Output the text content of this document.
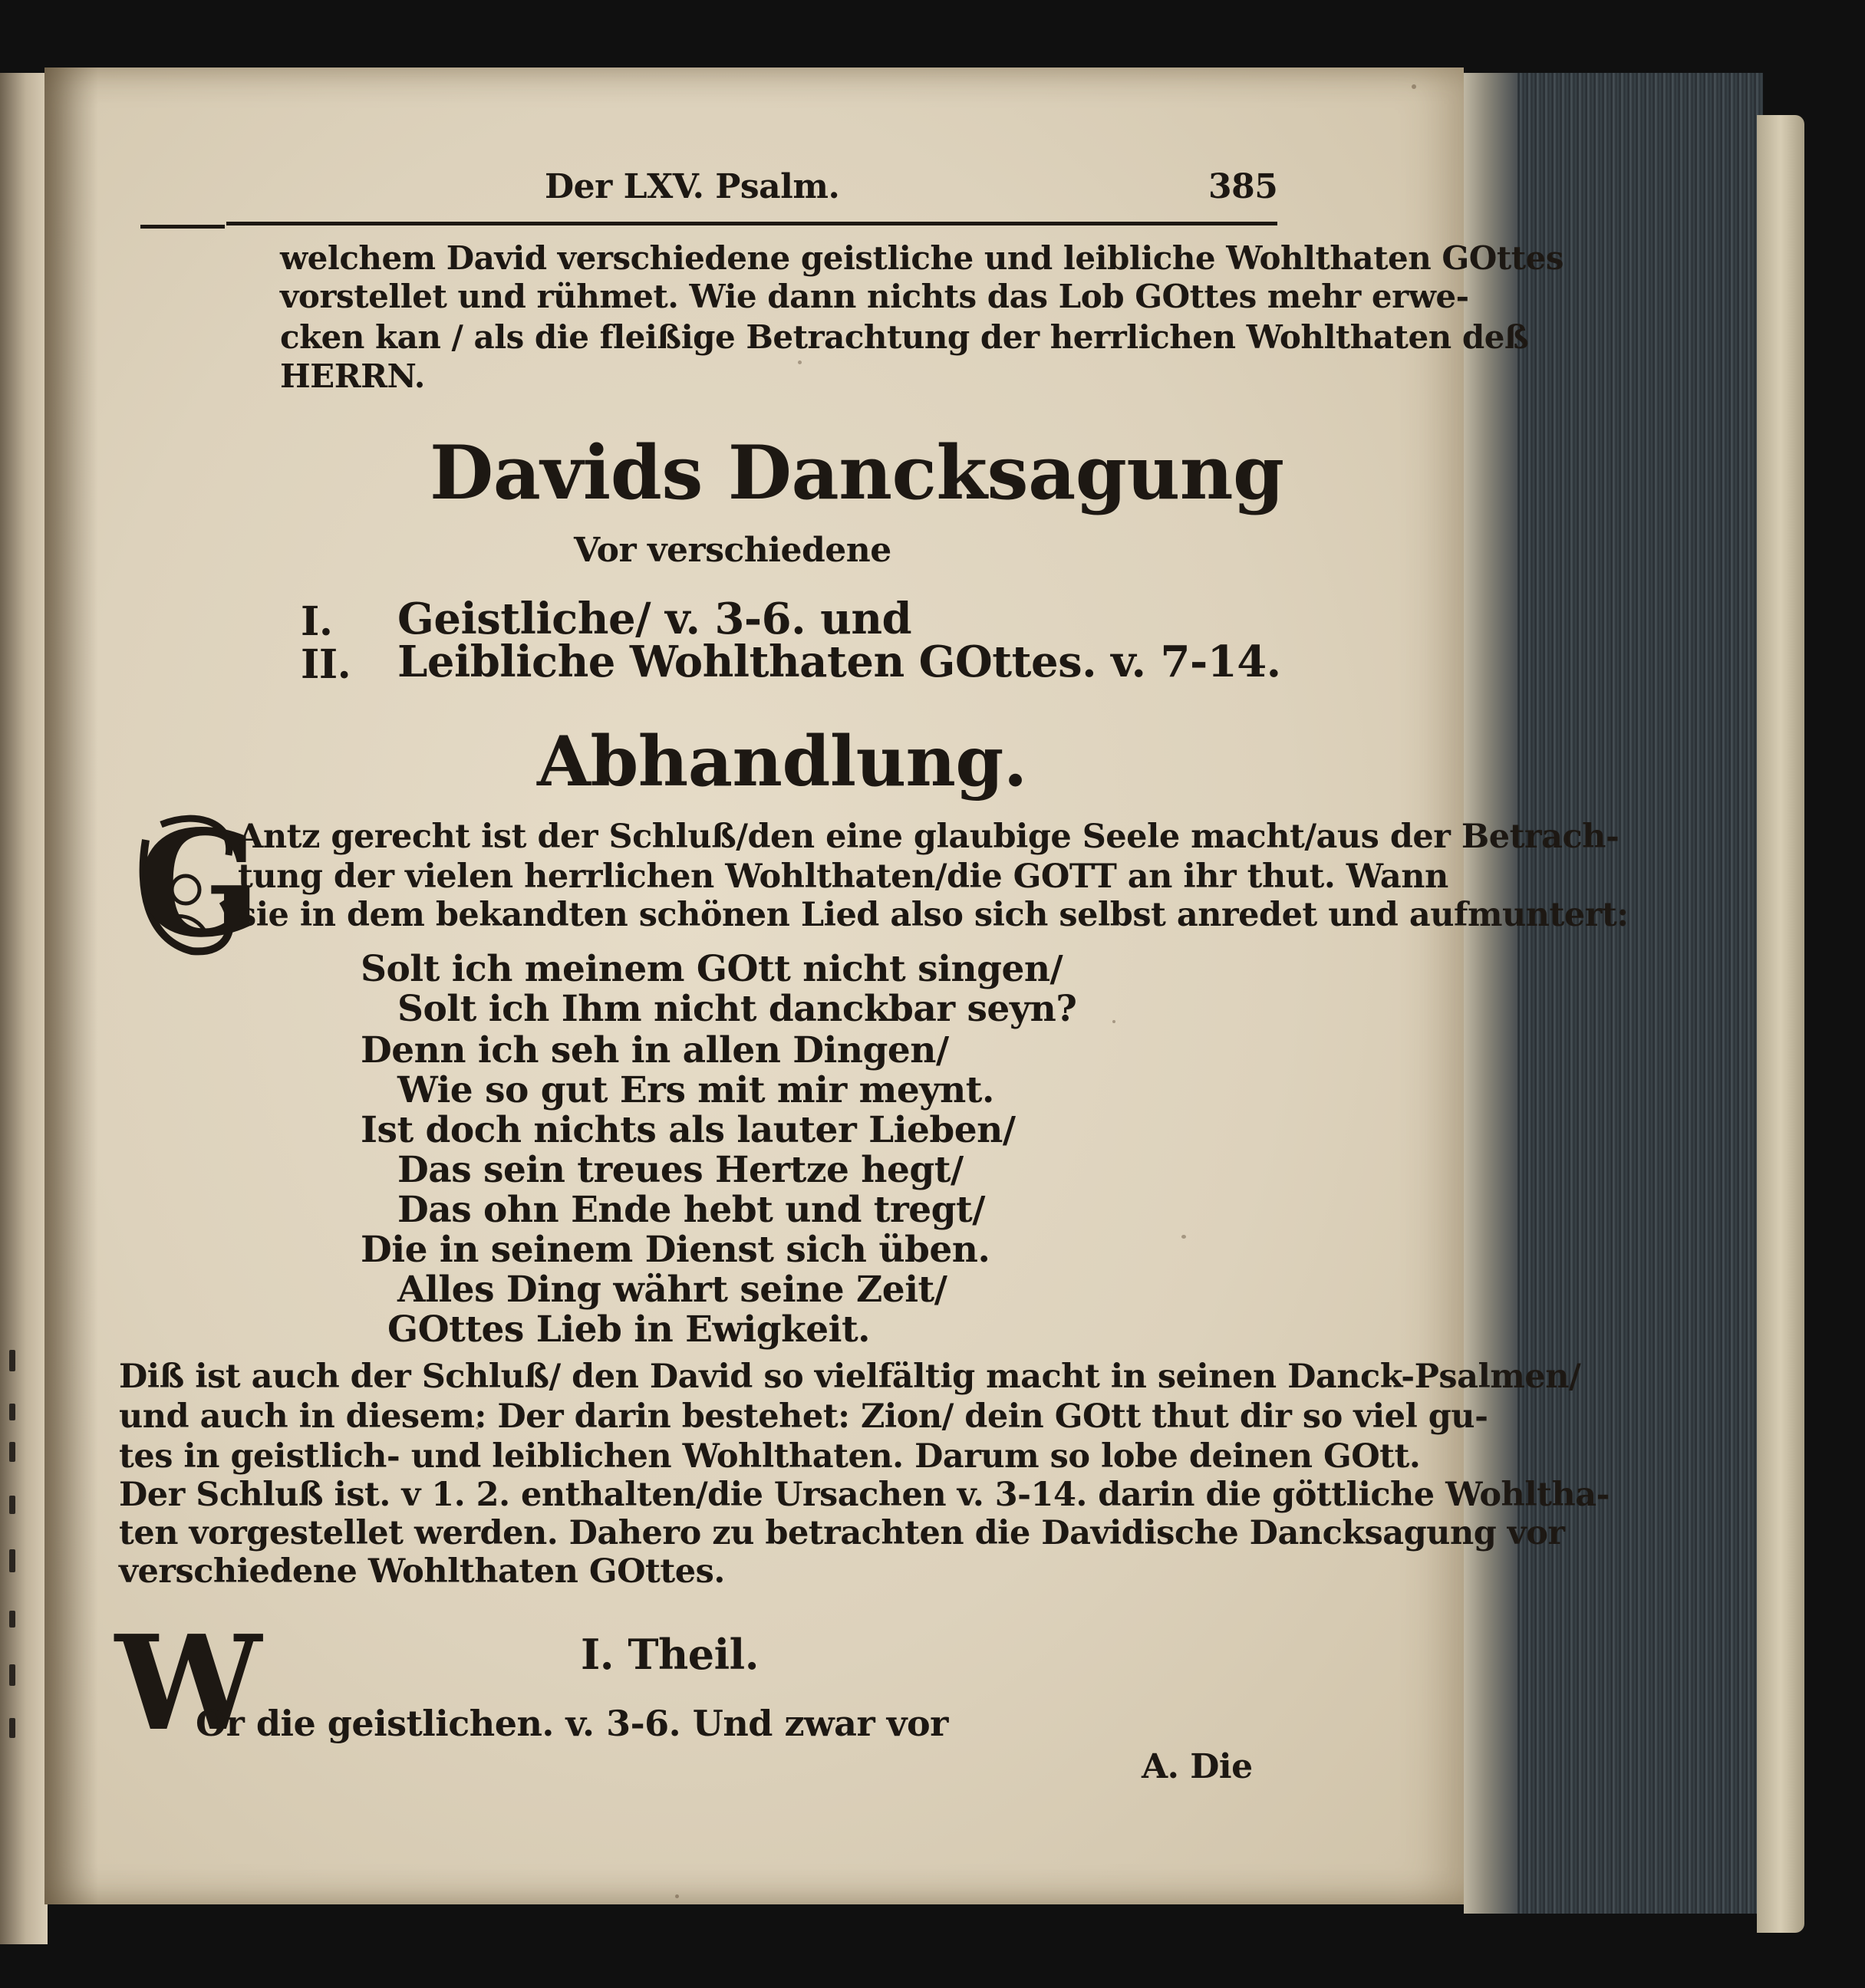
Der LXV. Psalm.	385
welchem David verschiedene geistliche und leibliche Wohlthaten GOttes
vorstellet und rühmet. Wie dann nichts das Lob GOttes mehr erwe-
cken kan / als die fleißige Betrachtung der herrlichen Wohlthaten deß
HERRN.
Davids Dancksagung
Vor verschiedene
I. Geistliche/ v. 3-6. und
II. Leibliche Wohlthaten GOttes. v. 7-14.
Abhandlung.
G
Antz gerecht ist der Schluß/den eine glaubige Seele macht/aus der Betrach-
tung der vielen herrlichen Wohlthaten/die GOTT an ihr thut. Wann
sie in dem bekandten schönen Lied also sich selbst anredet und aufmuntert:
Solt ich meinem GOtt nicht singen/
Solt ich Ihm nicht danckbar seyn?
Denn ich seh in allen Dingen/
Wie so gut Ers mit mir meynt.
Ist doch nichts als lauter Lieben/
Das sein treues Hertze hegt/
Das ohn Ende hebt und tregt/
Die in seinem Dienst sich üben.
Alles Ding währt seine Zeit/
GOttes Lieb in Ewigkeit.
Diß ist auch der Schluß/ den David so vielfältig macht in seinen Danck-Psalmen/
und auch in diesem: Der darin bestehet: Zion/ dein GOtt thut dir so viel gu-
tes in geistlich- und leiblichen Wohlthaten. Darum so lobe deinen GOtt.
Der Schluß ist. v 1. 2. enthalten/die Ursachen v. 3-14. darin die göttliche Wohltha-
ten vorgestellet werden. Dahero zu betrachten die Davidische Dancksagung vor
verschiedene Wohlthaten GOttes.
W	I. Theil.
Or die geistlichen. v. 3-6. Und zwar vor
A. Die
